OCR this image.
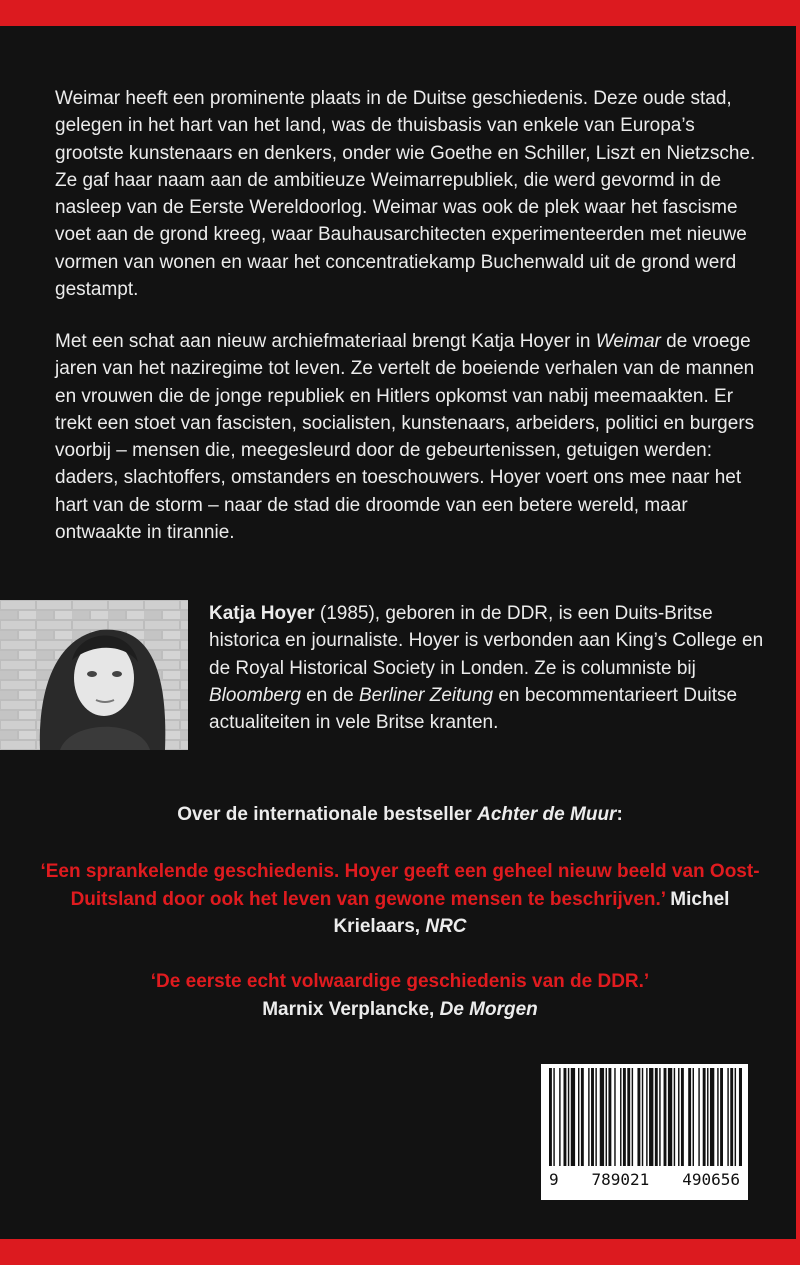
Weimar heeft een prominente plaats in de Duitse geschiedenis. Deze oude stad, gelegen in het hart van het land, was de thuisbasis van enkele van Europa’s grootste kunstenaars en denkers, onder wie Goethe en Schiller, Liszt en Nietzsche. Ze gaf haar naam aan de ambitieuze Weimarrepubliek, die werd gevormd in de nasleep van de Eerste Wereldoorlog. Weimar was ook de plek waar het fascisme voet aan de grond kreeg, waar Bauhausarchitecten experimenteerden met nieuwe vormen van wonen en waar het concentratiekamp Buchenwald uit de grond werd gestampt.

Met een schat aan nieuw archiefmateriaal brengt Katja Hoyer in Weimar de vroege jaren van het naziregime tot leven. Ze vertelt de boeiende verhalen van de mannen en vrouwen die de jonge republiek en Hitlers opkomst van nabij meemaakten. Er trekt een stoet van fascisten, socialisten, kunstenaars, arbeiders, politici en burgers voorbij – mensen die, meegesleurd door de gebeurtenissen, getuigen werden: daders, slachtoffers, omstanders en toeschouwers. Hoyer voert ons mee naar het hart van de storm – naar de stad die droomde van een betere wereld, maar ontwaakte in tirannie.

Katja Hoyer (1985), geboren in de DDR, is een Duits-Britse historica en journaliste. Hoyer is verbonden aan King’s College en de Royal Historical Society in Londen. Ze is columniste bij Bloomberg en de Berliner Zeitung en becommentarieert Duitse actualiteiten in vele Britse kranten.

Over de internationale bestseller Achter de Muur:

‘Een sprankelende geschiedenis. Hoyer geeft een geheel nieuw beeld van Oost-Duitsland door ook het leven van gewone mensen te beschrijven.’ Michel Krielaars, NRC

‘De eerste echt volwaardige geschiedenis van de DDR.’
Marnix Verplancke, De Morgen

9 789021 490656
